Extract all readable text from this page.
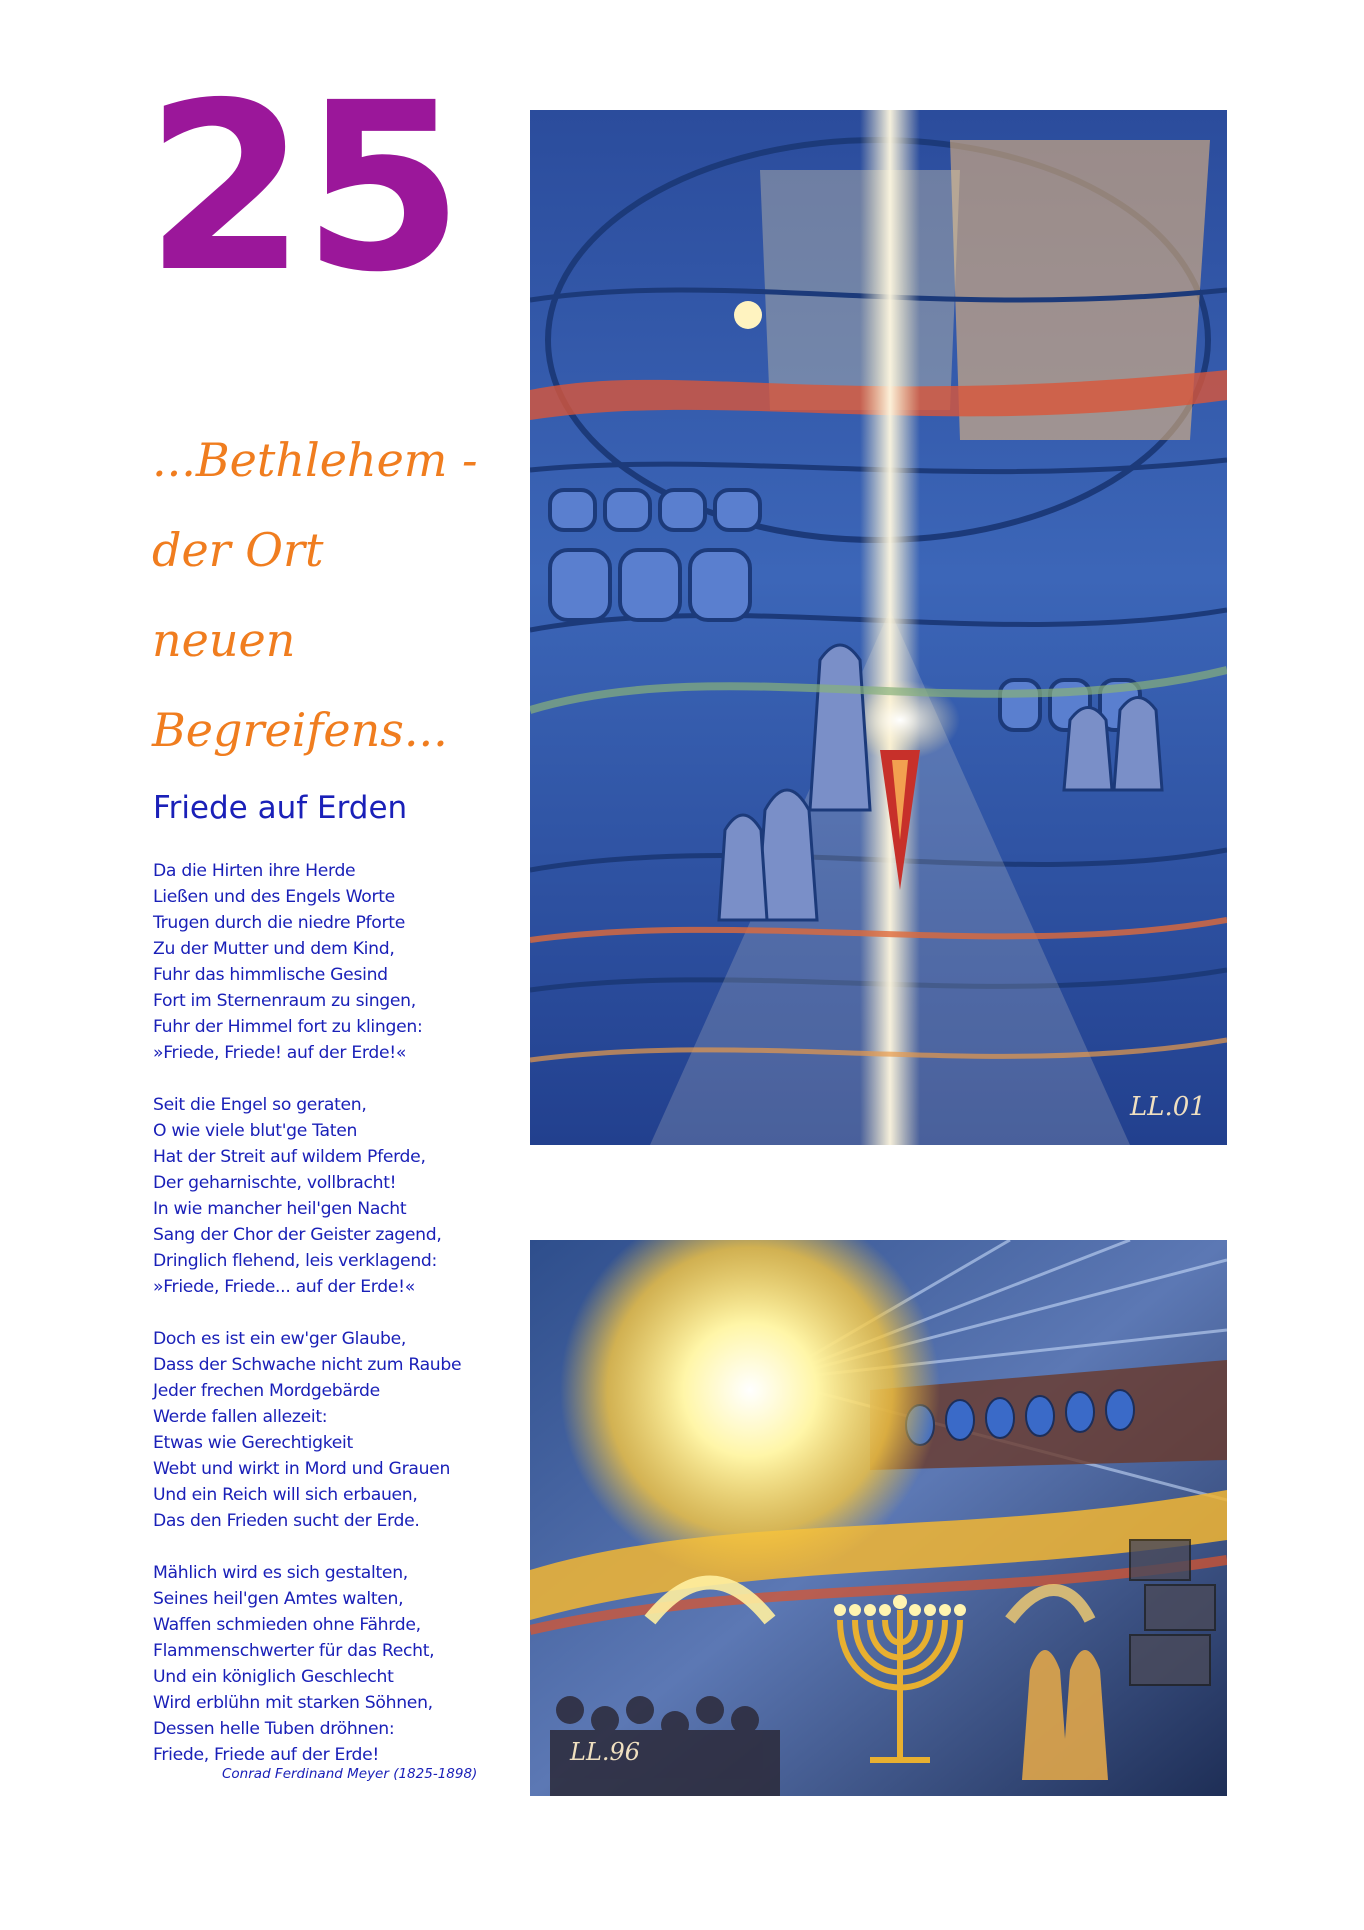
25
...Bethlehem -
der Ort
neuen
Begreifens...
Friede auf Erden
Da die Hirten ihre Herde
Ließen und des Engels Worte
Trugen durch die niedre Pforte
Zu der Mutter und dem Kind,
Fuhr das himmlische Gesind
Fort im Sternenraum zu singen,
Fuhr der Himmel fort zu klingen:
»Friede, Friede! auf der Erde!«
Seit die Engel so geraten,
O wie viele blut'ge Taten
Hat der Streit auf wildem Pferde,
Der geharnischte, vollbracht!
In wie mancher heil'gen Nacht
Sang der Chor der Geister zagend,
Dringlich flehend, leis verklagend:
»Friede, Friede... auf der Erde!«
Doch es ist ein ew'ger Glaube,
Dass der Schwache nicht zum Raube
Jeder frechen Mordgebärde
Werde fallen allezeit:
Etwas wie Gerechtigkeit
Webt und wirkt in Mord und Grauen
Und ein Reich will sich erbauen,
Das den Frieden sucht der Erde.
Mählich wird es sich gestalten,
Seines heil'gen Amtes walten,
Waffen schmieden ohne Fährde,
Flammenschwerter für das Recht,
Und ein königlich Geschlecht
Wird erblühn mit starken Söhnen,
Dessen helle Tuben dröhnen:
Friede, Friede auf der Erde!
Conrad Ferdinand Meyer (1825-1898)
LL.01
LL.96
